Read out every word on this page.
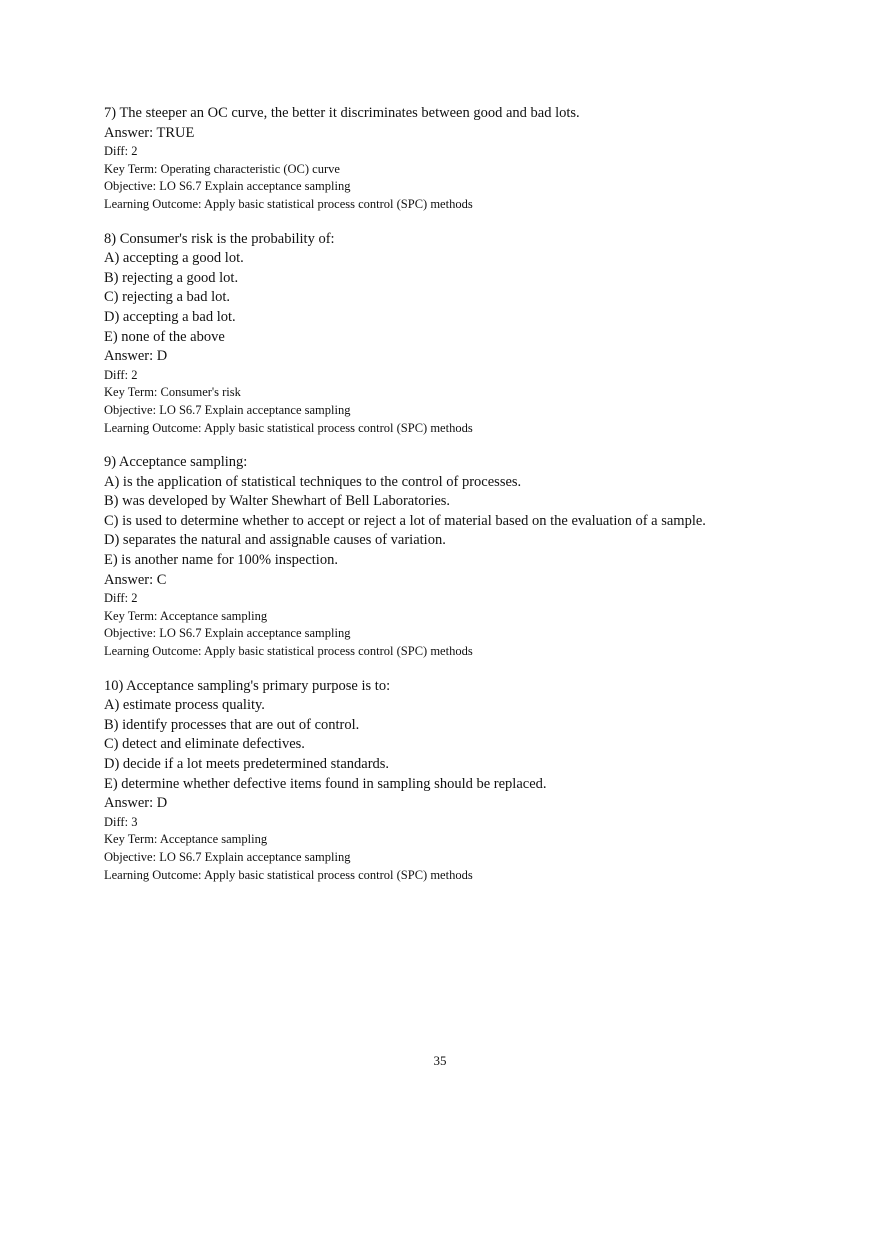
7) The steeper an OC curve, the better it discriminates between good and bad lots.
Answer: TRUE
Diff: 2
Key Term: Operating characteristic (OC) curve
Objective: LO S6.7 Explain acceptance sampling
Learning Outcome: Apply basic statistical process control (SPC) methods
8) Consumer's risk is the probability of:
A) accepting a good lot.
B) rejecting a good lot.
C) rejecting a bad lot.
D) accepting a bad lot.
E) none of the above
Answer: D
Diff: 2
Key Term: Consumer's risk
Objective: LO S6.7 Explain acceptance sampling
Learning Outcome: Apply basic statistical process control (SPC) methods
9) Acceptance sampling:
A) is the application of statistical techniques to the control of processes.
B) was developed by Walter Shewhart of Bell Laboratories.
C) is used to determine whether to accept or reject a lot of material based on the evaluation of a sample.
D) separates the natural and assignable causes of variation.
E) is another name for 100% inspection.
Answer: C
Diff: 2
Key Term: Acceptance sampling
Objective: LO S6.7 Explain acceptance sampling
Learning Outcome: Apply basic statistical process control (SPC) methods
10) Acceptance sampling's primary purpose is to:
A) estimate process quality.
B) identify processes that are out of control.
C) detect and eliminate defectives.
D) decide if a lot meets predetermined standards.
E) determine whether defective items found in sampling should be replaced.
Answer: D
Diff: 3
Key Term: Acceptance sampling
Objective: LO S6.7 Explain acceptance sampling
Learning Outcome: Apply basic statistical process control (SPC) methods
35
